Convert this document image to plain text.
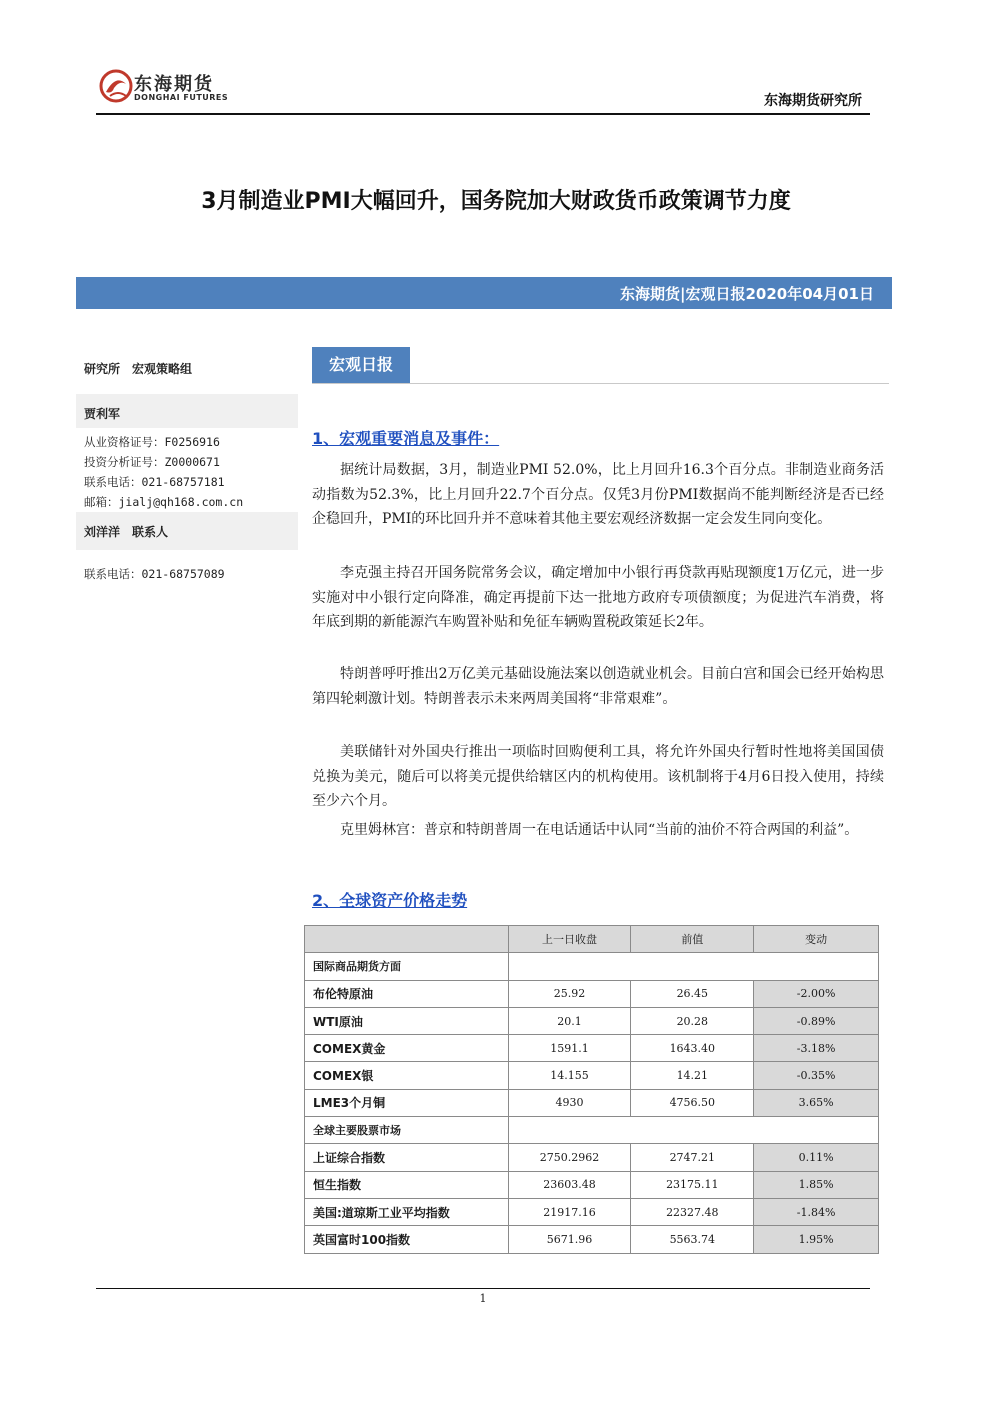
东海期货
DONGHAI FUTURES	东海期货研究所
3月制造业PMI大幅回升，国务院加大财政货币政策调节力度
东海期货|宏观日报2020年04月01日
研究所　宏观策略组
贾利军
从业资格证号：F0256916
投资分析证号：Z0000671
联系电话：021-68757181
邮箱：jialj@qh168.com.cn
刘洋洋　联系人
联系电话：021-68757089
宏观日报
1、宏观重要消息及事件：

据统计局数据，3月，制造业PMI 52.0%，比上月回升16.3个百分点。非制造业商务活动指数为52.3%，比上月回升22.7个百分点。仅凭3月份PMI数据尚不能判断经济是否已经企稳回升，PMI的环比回升并不意味着其他主要宏观经济数据一定会发生同向变化。

李克强主持召开国务院常务会议，确定增加中小银行再贷款再贴现额度1万亿元，进一步实施对中小银行定向降准，确定再提前下达一批地方政府专项债额度；为促进汽车消费，将年底到期的新能源汽车购置补贴和免征车辆购置税政策延长2年。

特朗普呼吁推出2万亿美元基础设施法案以创造就业机会。目前白宫和国会已经开始构思第四轮刺激计划。特朗普表示未来两周美国将“非常艰难”。

美联储针对外国央行推出一项临时回购便利工具，将允许外国央行暂时性地将美国国债兑换为美元，随后可以将美元提供给辖区内的机构使用。该机制将于4月6日投入使用，持续至少六个月。

克里姆林宫：普京和特朗普周一在电话通话中认同“当前的油价不符合两国的利益”。

2、全球资产价格走势
	上一日收盘	前值	变动
国际商品期货方面			
布伦特原油	25.92	26.45	-2.00%
WTI原油	20.1	20.28	-0.89%
COMEX黄金	1591.1	1643.40	-3.18%
COMEX银	14.155	14.21	-0.35%
LME3个月铜	4930	4756.50	3.65%
全球主要股票市场			
上证综合指数	2750.2962	2747.21	0.11%
恒生指数	23603.48	23175.11	1.85%
美国:道琼斯工业平均指数	21917.16	22327.48	-1.84%
英国富时100指数	5671.96	5563.74	1.95%
1
